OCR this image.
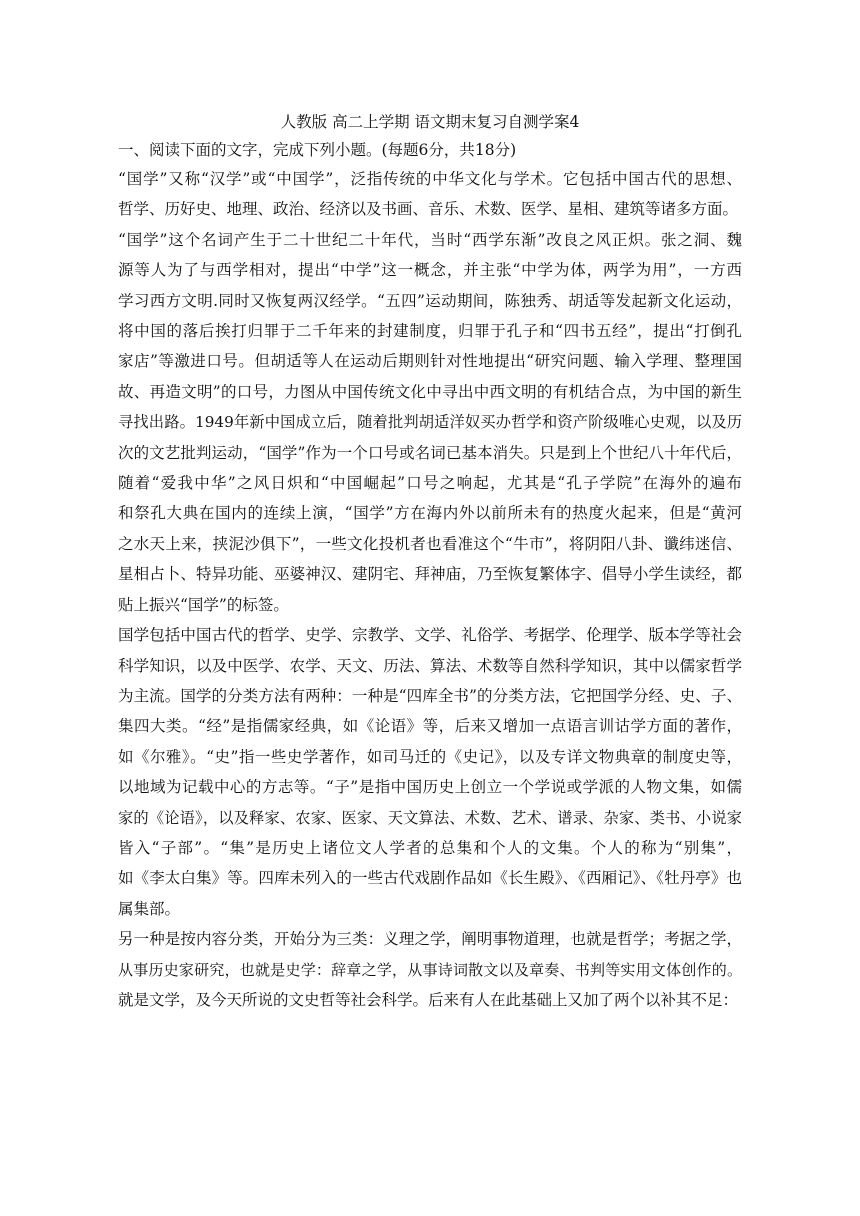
人教版 高二上学期 语文期末复习自测学案4

一、阅读下面的文字，完成下列小题。(每题6分，共18分)

“国学”又称“汉学”或“中国学”，泛指传统的中华文化与学术。它包括中国古代的思想、
哲学、历好史、地理、政治、经济以及书画、音乐、术数、医学、星相、建筑等诸多方面。

“国学”这个名词产生于二十世纪二十年代，当时“西学东渐”改良之风正炽。张之洞、魏
源等人为了与西学相对，提出“中学”这一概念，并主张“中学为体，两学为用”，一方西
学习西方文明.同时又恢复两汉经学。“五四”运动期间，陈独秀、胡适等发起新文化运动，
将中国的落后挨打归罪于二千年来的封建制度，归罪于孔子和“四书五经”，提出“打倒孔
家店”等激进口号。但胡适等人在运动后期则针对性地提出“研究问题、输入学理、整理国
故、再造文明”的口号，力图从中国传统文化中寻出中西文明的有机结合点，为中国的新生
寻找出路。1949年新中国成立后，随着批判胡适洋奴买办哲学和资产阶级唯心史观，以及历
次的文艺批判运动，“国学”作为一个口号或名词已基本消失。只是到上个世纪八十年代后，
随着“爱我中华”之风日炽和“中国崛起”口号之响起，尤其是“孔子学院”在海外的遍布
和祭孔大典在国内的连续上演，“国学”方在海内外以前所未有的热度火起来，但是“黄河
之水天上来，挟泥沙俱下”，一些文化投机者也看准这个“牛市”，将阴阳八卦、谶纬迷信、
星相占卜、特异功能、巫婆神汉、建阴宅、拜神庙，乃至恢复繁体字、倡导小学生读经，都
贴上振兴“国学”的标签。

国学包括中国古代的哲学、史学、宗教学、文学、礼俗学、考据学、伦理学、版本学等社会
科学知识，以及中医学、农学、天文、历法、算法、术数等自然科学知识，其中以儒家哲学
为主流。国学的分类方法有两种：一种是“四库全书”的分类方法，它把国学分经、史、子、
集四大类。“经”是指儒家经典，如《论语》等，后来又增加一点语言训诂学方面的著作，
如《尔雅》。“史”指一些史学著作，如司马迁的《史记》，以及专详文物典章的制度史等，
以地域为记载中心的方志等。“子”是指中国历史上创立一个学说或学派的人物文集，如儒
家的《论语》，以及释家、农家、医家、天文算法、术数、艺术、谱录、杂家、类书、小说家
皆入“子部”。“集”是历史上诸位文人学者的总集和个人的文集。个人的称为“别集”，
如《李太白集》等。四库未列入的一些古代戏剧作品如《长生殿》、《西厢记》、《牡丹亭》也
属集部。

另一种是按内容分类，开始分为三类：义理之学，阐明事物道理，也就是哲学；考据之学，
从事历史家研究，也就是史学：辞章之学，从事诗词散文以及章奏、书判等实用文体创作的。
就是文学，及今天所说的文史哲等社会科学。后来有人在此基础上又加了两个以补其不足：
